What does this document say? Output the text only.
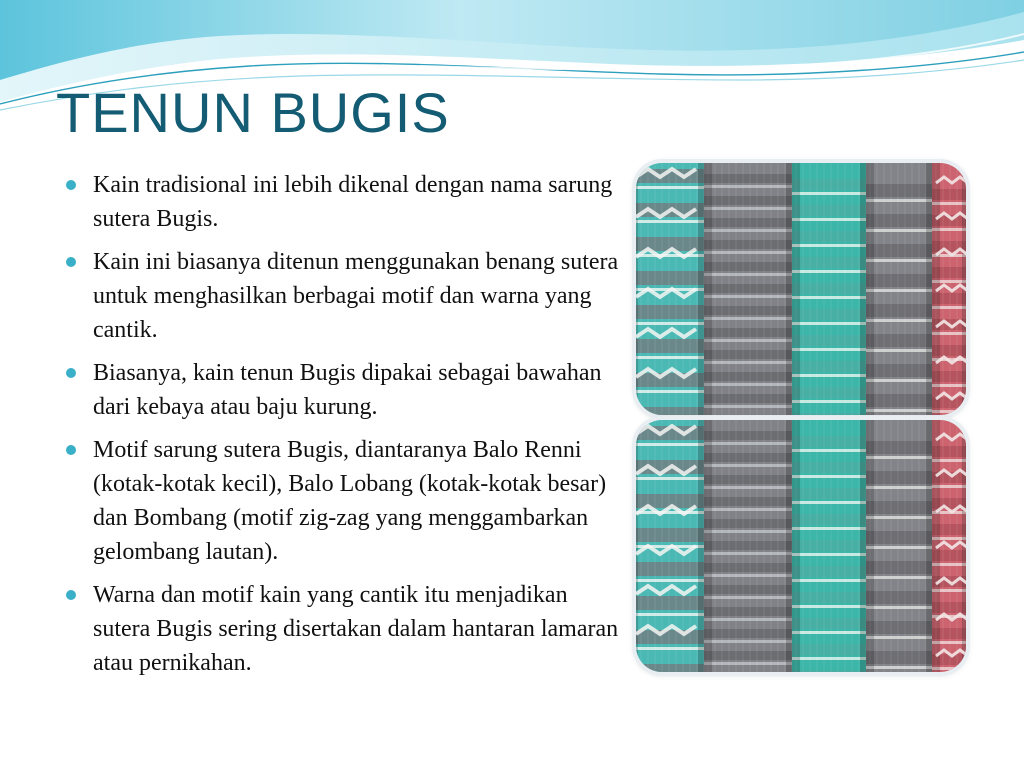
TENUN BUGIS
Kain tradisional ini lebih dikenal dengan nama sarung sutera Bugis.
Kain ini biasanya ditenun menggunakan benang sutera untuk menghasilkan berbagai motif dan warna yang cantik.
Biasanya, kain tenun Bugis dipakai sebagai bawahan dari kebaya atau baju kurung.
Motif sarung sutera Bugis, diantaranya Balo Renni (kotak-kotak kecil), Balo Lobang (kotak-kotak besar) dan Bombang (motif zig-zag yang menggambarkan gelombang lautan).
Warna dan motif kain yang cantik itu menjadikan sutera Bugis sering disertakan dalam hantaran lamaran atau pernikahan.
